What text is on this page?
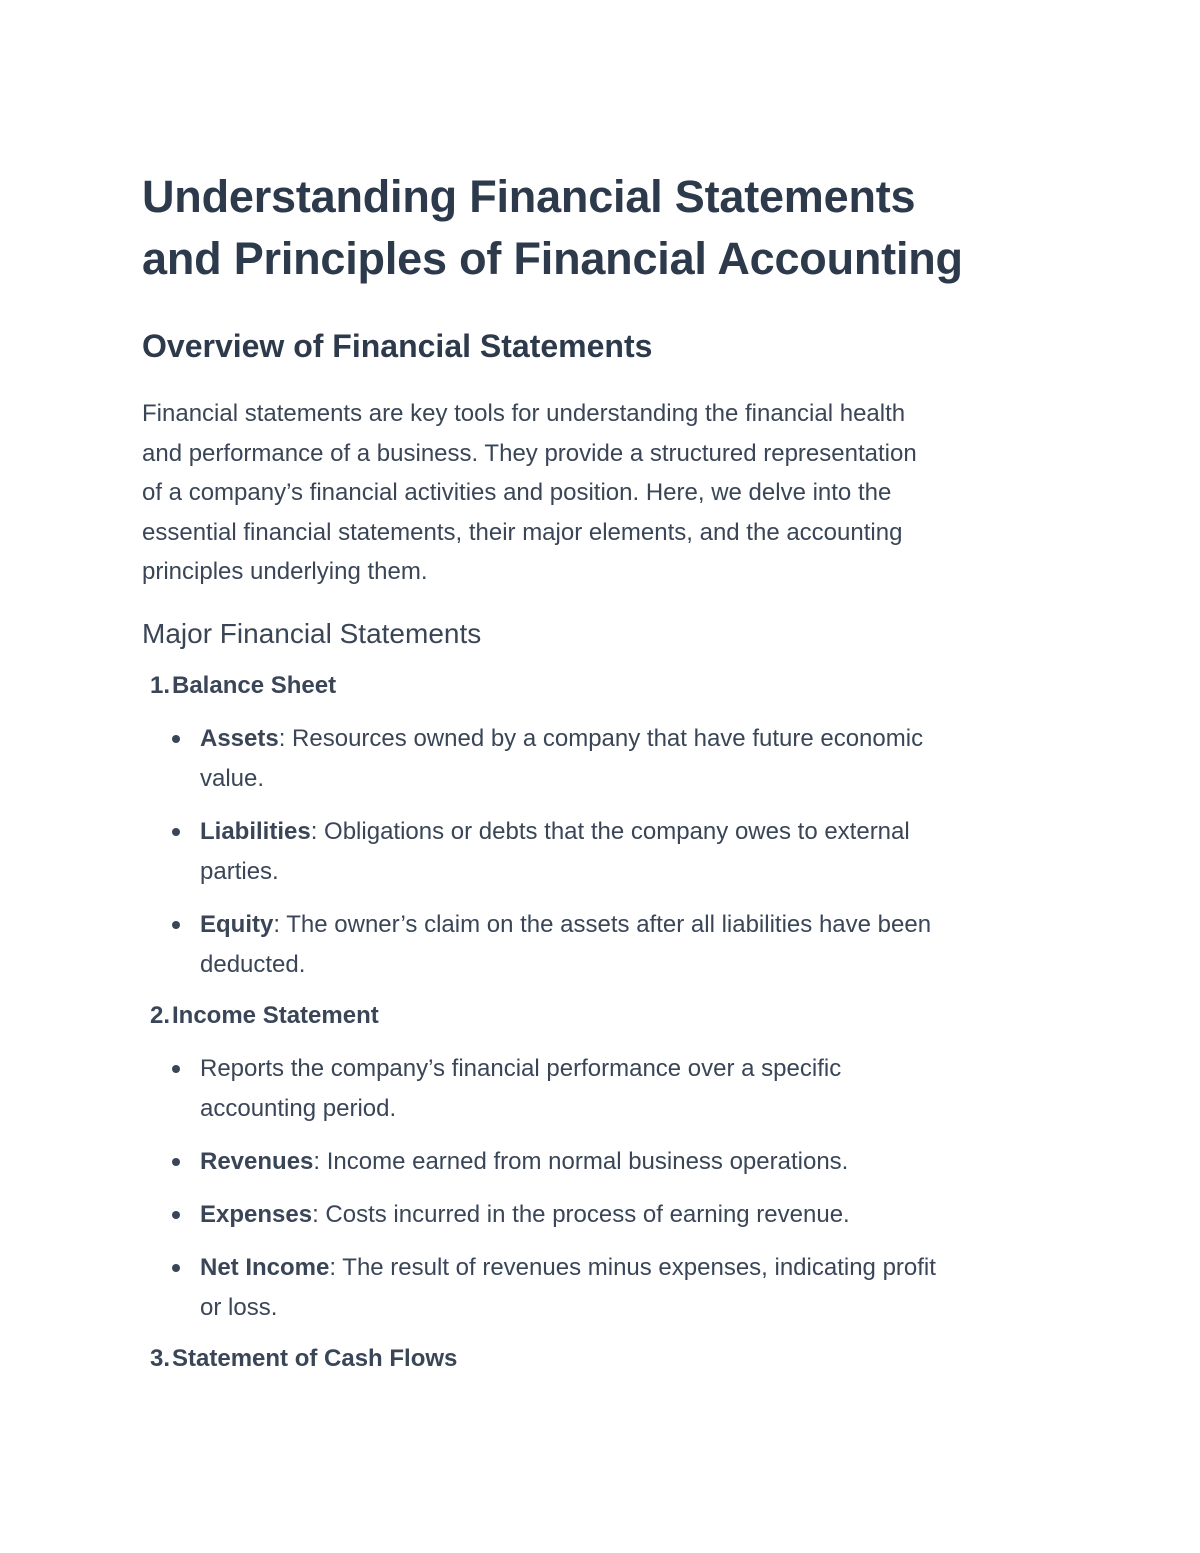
Understanding Financial Statements
and Principles of Financial Accounting
Overview of Financial Statements

Financial statements are key tools for understanding the financial health
and performance of a business. They provide a structured representation
of a company’s financial activities and position. Here, we delve into the
essential financial statements, their major elements, and the accounting
principles underlying them.

Major Financial Statements
1. Balance Sheet
Assets: Resources owned by a company that have future economic
value.
Liabilities: Obligations or debts that the company owes to external
parties.
Equity: The owner’s claim on the assets after all liabilities have been
deducted.
2. Income Statement
Reports the company’s financial performance over a specific
accounting period.
Revenues: Income earned from normal business operations.
Expenses: Costs incurred in the process of earning revenue.
Net Income: The result of revenues minus expenses, indicating profit
or loss.
3. Statement of Cash Flows
